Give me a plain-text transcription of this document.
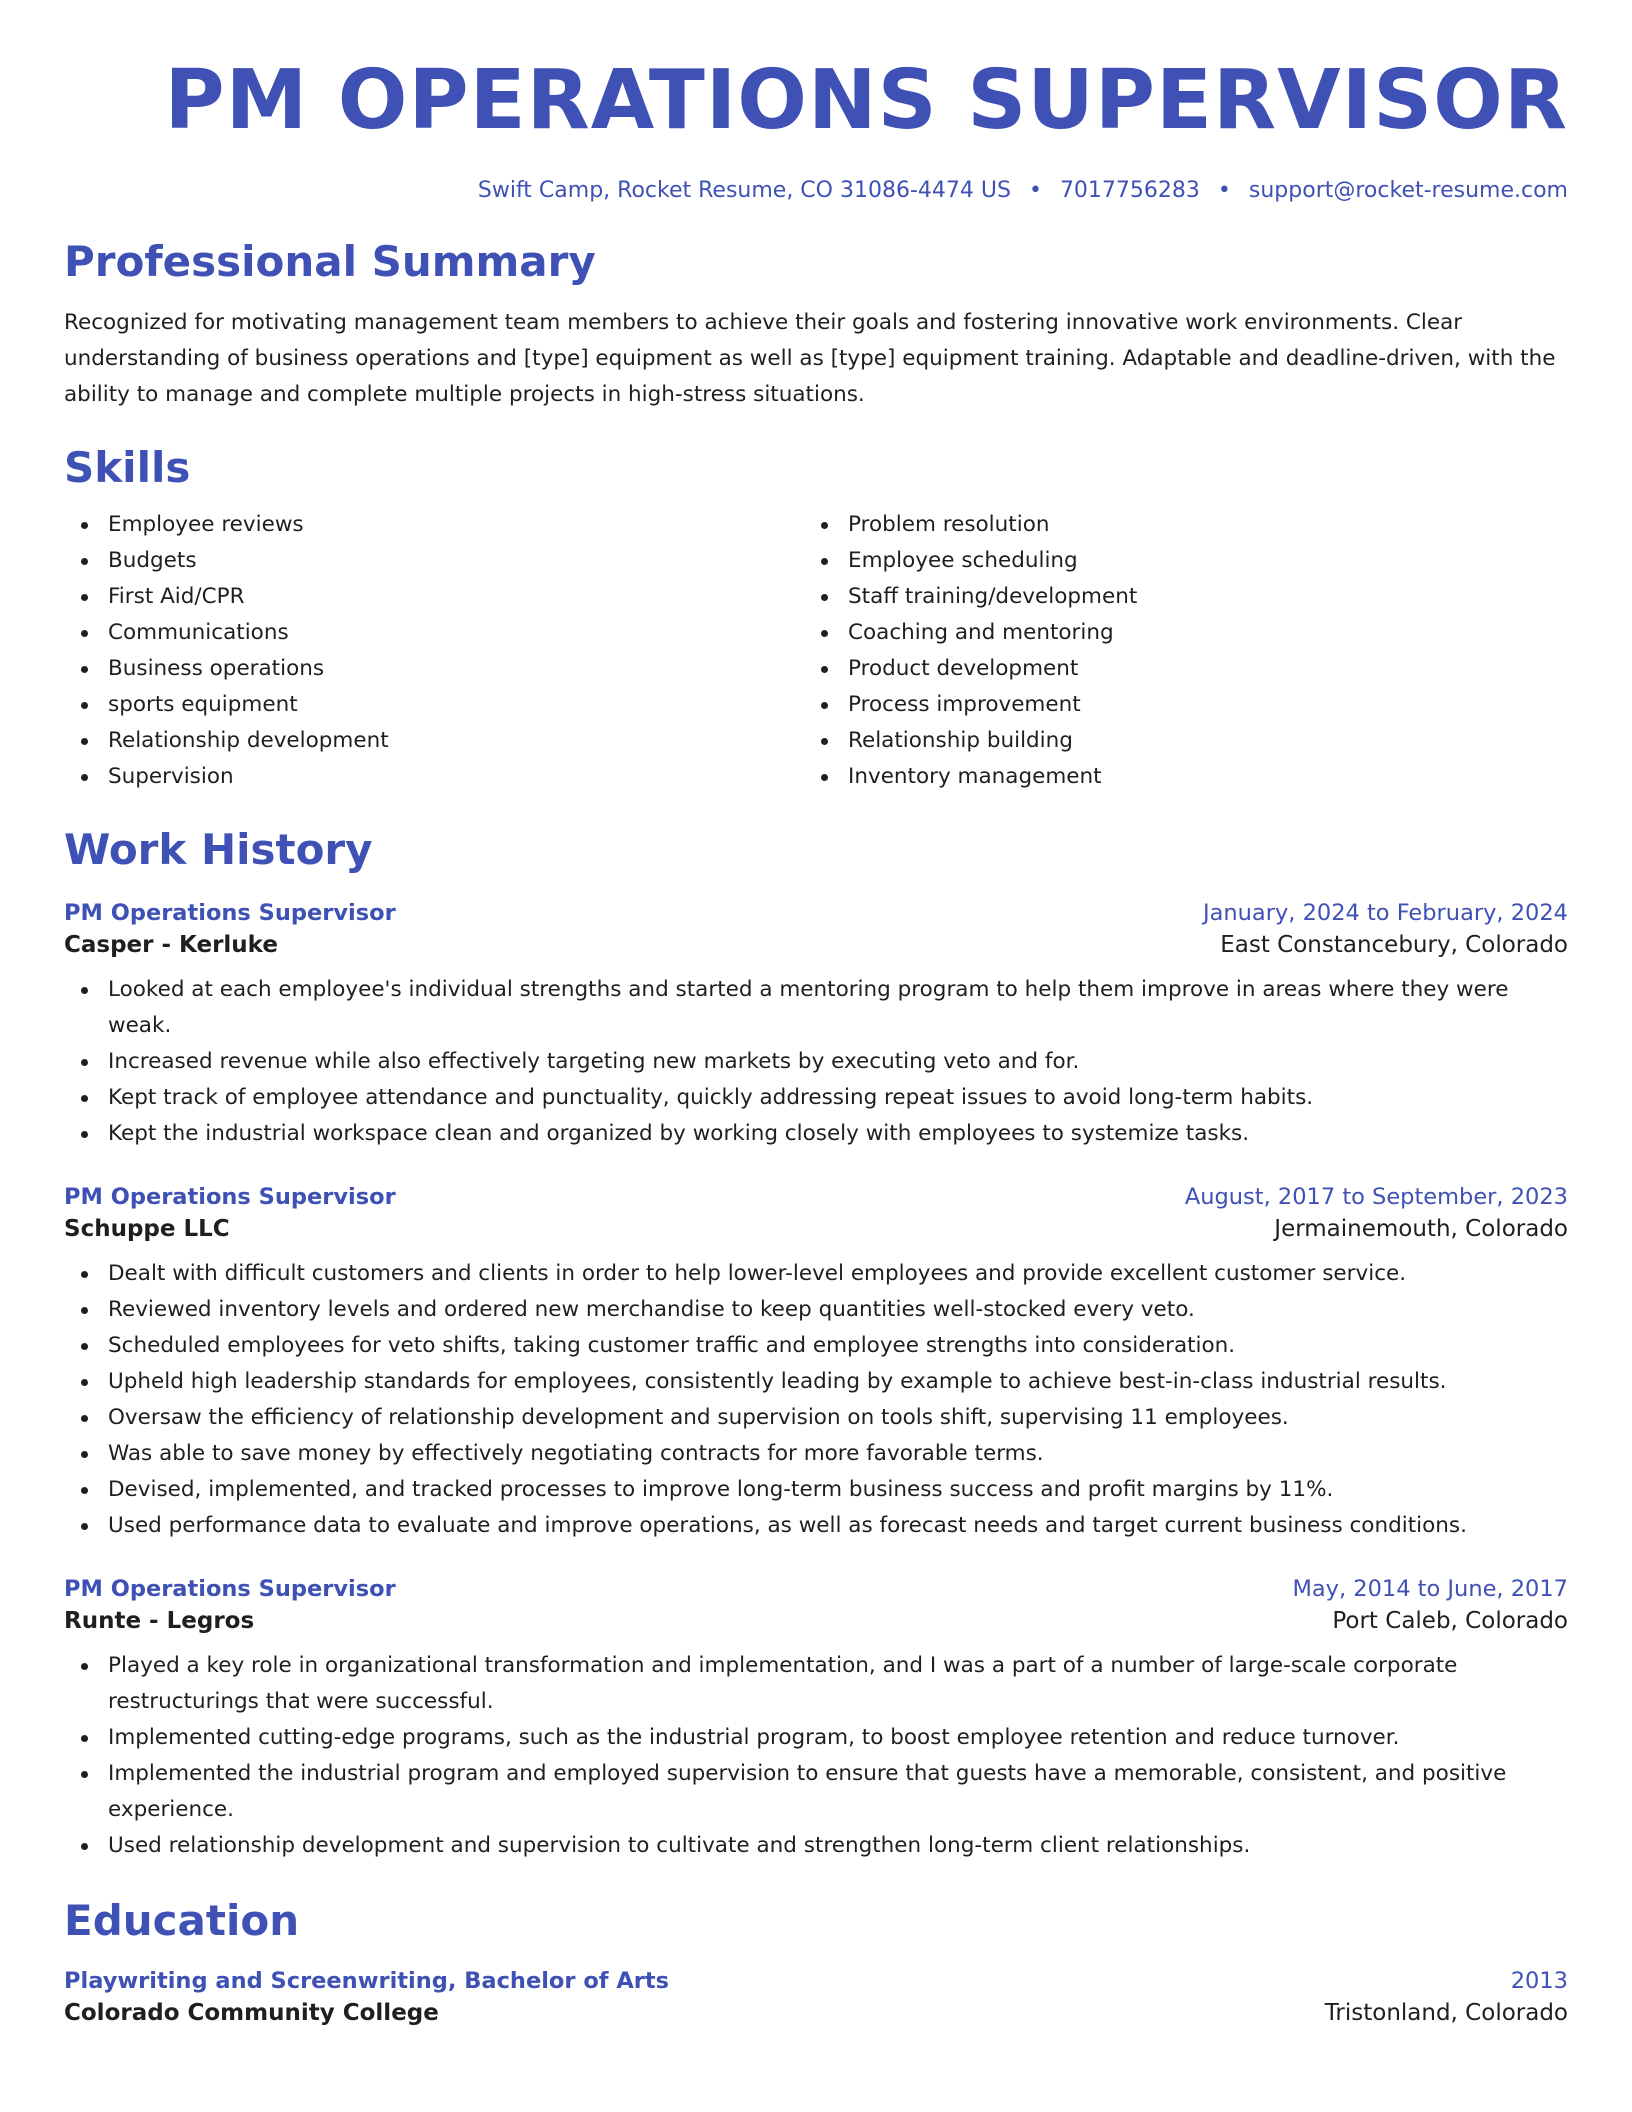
PM OPERATIONS SUPERVISOR
Swift Camp, Rocket Resume, CO 31086-4474 US • 7017756283 • support@rocket-resume.com
Professional Summary

Recognized for motivating management team members to achieve their goals and fostering innovative work environments. Clear understanding of business operations and [type] equipment as well as [type] equipment training. Adaptable and deadline-driven, with the ability to manage and complete multiple projects in high-stress situations.

Skills
Employee reviews
Budgets
First Aid/CPR
Communications
Business operations
sports equipment
Relationship development
Supervision
Problem resolution
Employee scheduling
Staff training/development
Coaching and mentoring
Product development
Process improvement
Relationship building
Inventory management
Work History
PM Operations Supervisor	January, 2024 to February, 2024
Casper - Kerluke	East Constancebury, Colorado
Looked at each employee's individual strengths and started a mentoring program to help them improve in areas where they were weak.
Increased revenue while also effectively targeting new markets by executing veto and for.
Kept track of employee attendance and punctuality, quickly addressing repeat issues to avoid long-term habits.
Kept the industrial workspace clean and organized by working closely with employees to systemize tasks.
PM Operations Supervisor	August, 2017 to September, 2023
Schuppe LLC	Jermainemouth, Colorado
Dealt with difficult customers and clients in order to help lower-level employees and provide excellent customer service.
Reviewed inventory levels and ordered new merchandise to keep quantities well-stocked every veto.
Scheduled employees for veto shifts, taking customer traffic and employee strengths into consideration.
Upheld high leadership standards for employees, consistently leading by example to achieve best-in-class industrial results.
Oversaw the efficiency of relationship development and supervision on tools shift, supervising 11 employees.
Was able to save money by effectively negotiating contracts for more favorable terms.
Devised, implemented, and tracked processes to improve long-term business success and profit margins by 11%.
Used performance data to evaluate and improve operations, as well as forecast needs and target current business conditions.
PM Operations Supervisor	May, 2014 to June, 2017
Runte - Legros	Port Caleb, Colorado
Played a key role in organizational transformation and implementation, and I was a part of a number of large-scale corporate restructurings that were successful.
Implemented cutting-edge programs, such as the industrial program, to boost employee retention and reduce turnover.
Implemented the industrial program and employed supervision to ensure that guests have a memorable, consistent, and positive experience.
Used relationship development and supervision to cultivate and strengthen long-term client relationships.
Education
Playwriting and Screenwriting, Bachelor of Arts	2013
Colorado Community College	Tristonland, Colorado
